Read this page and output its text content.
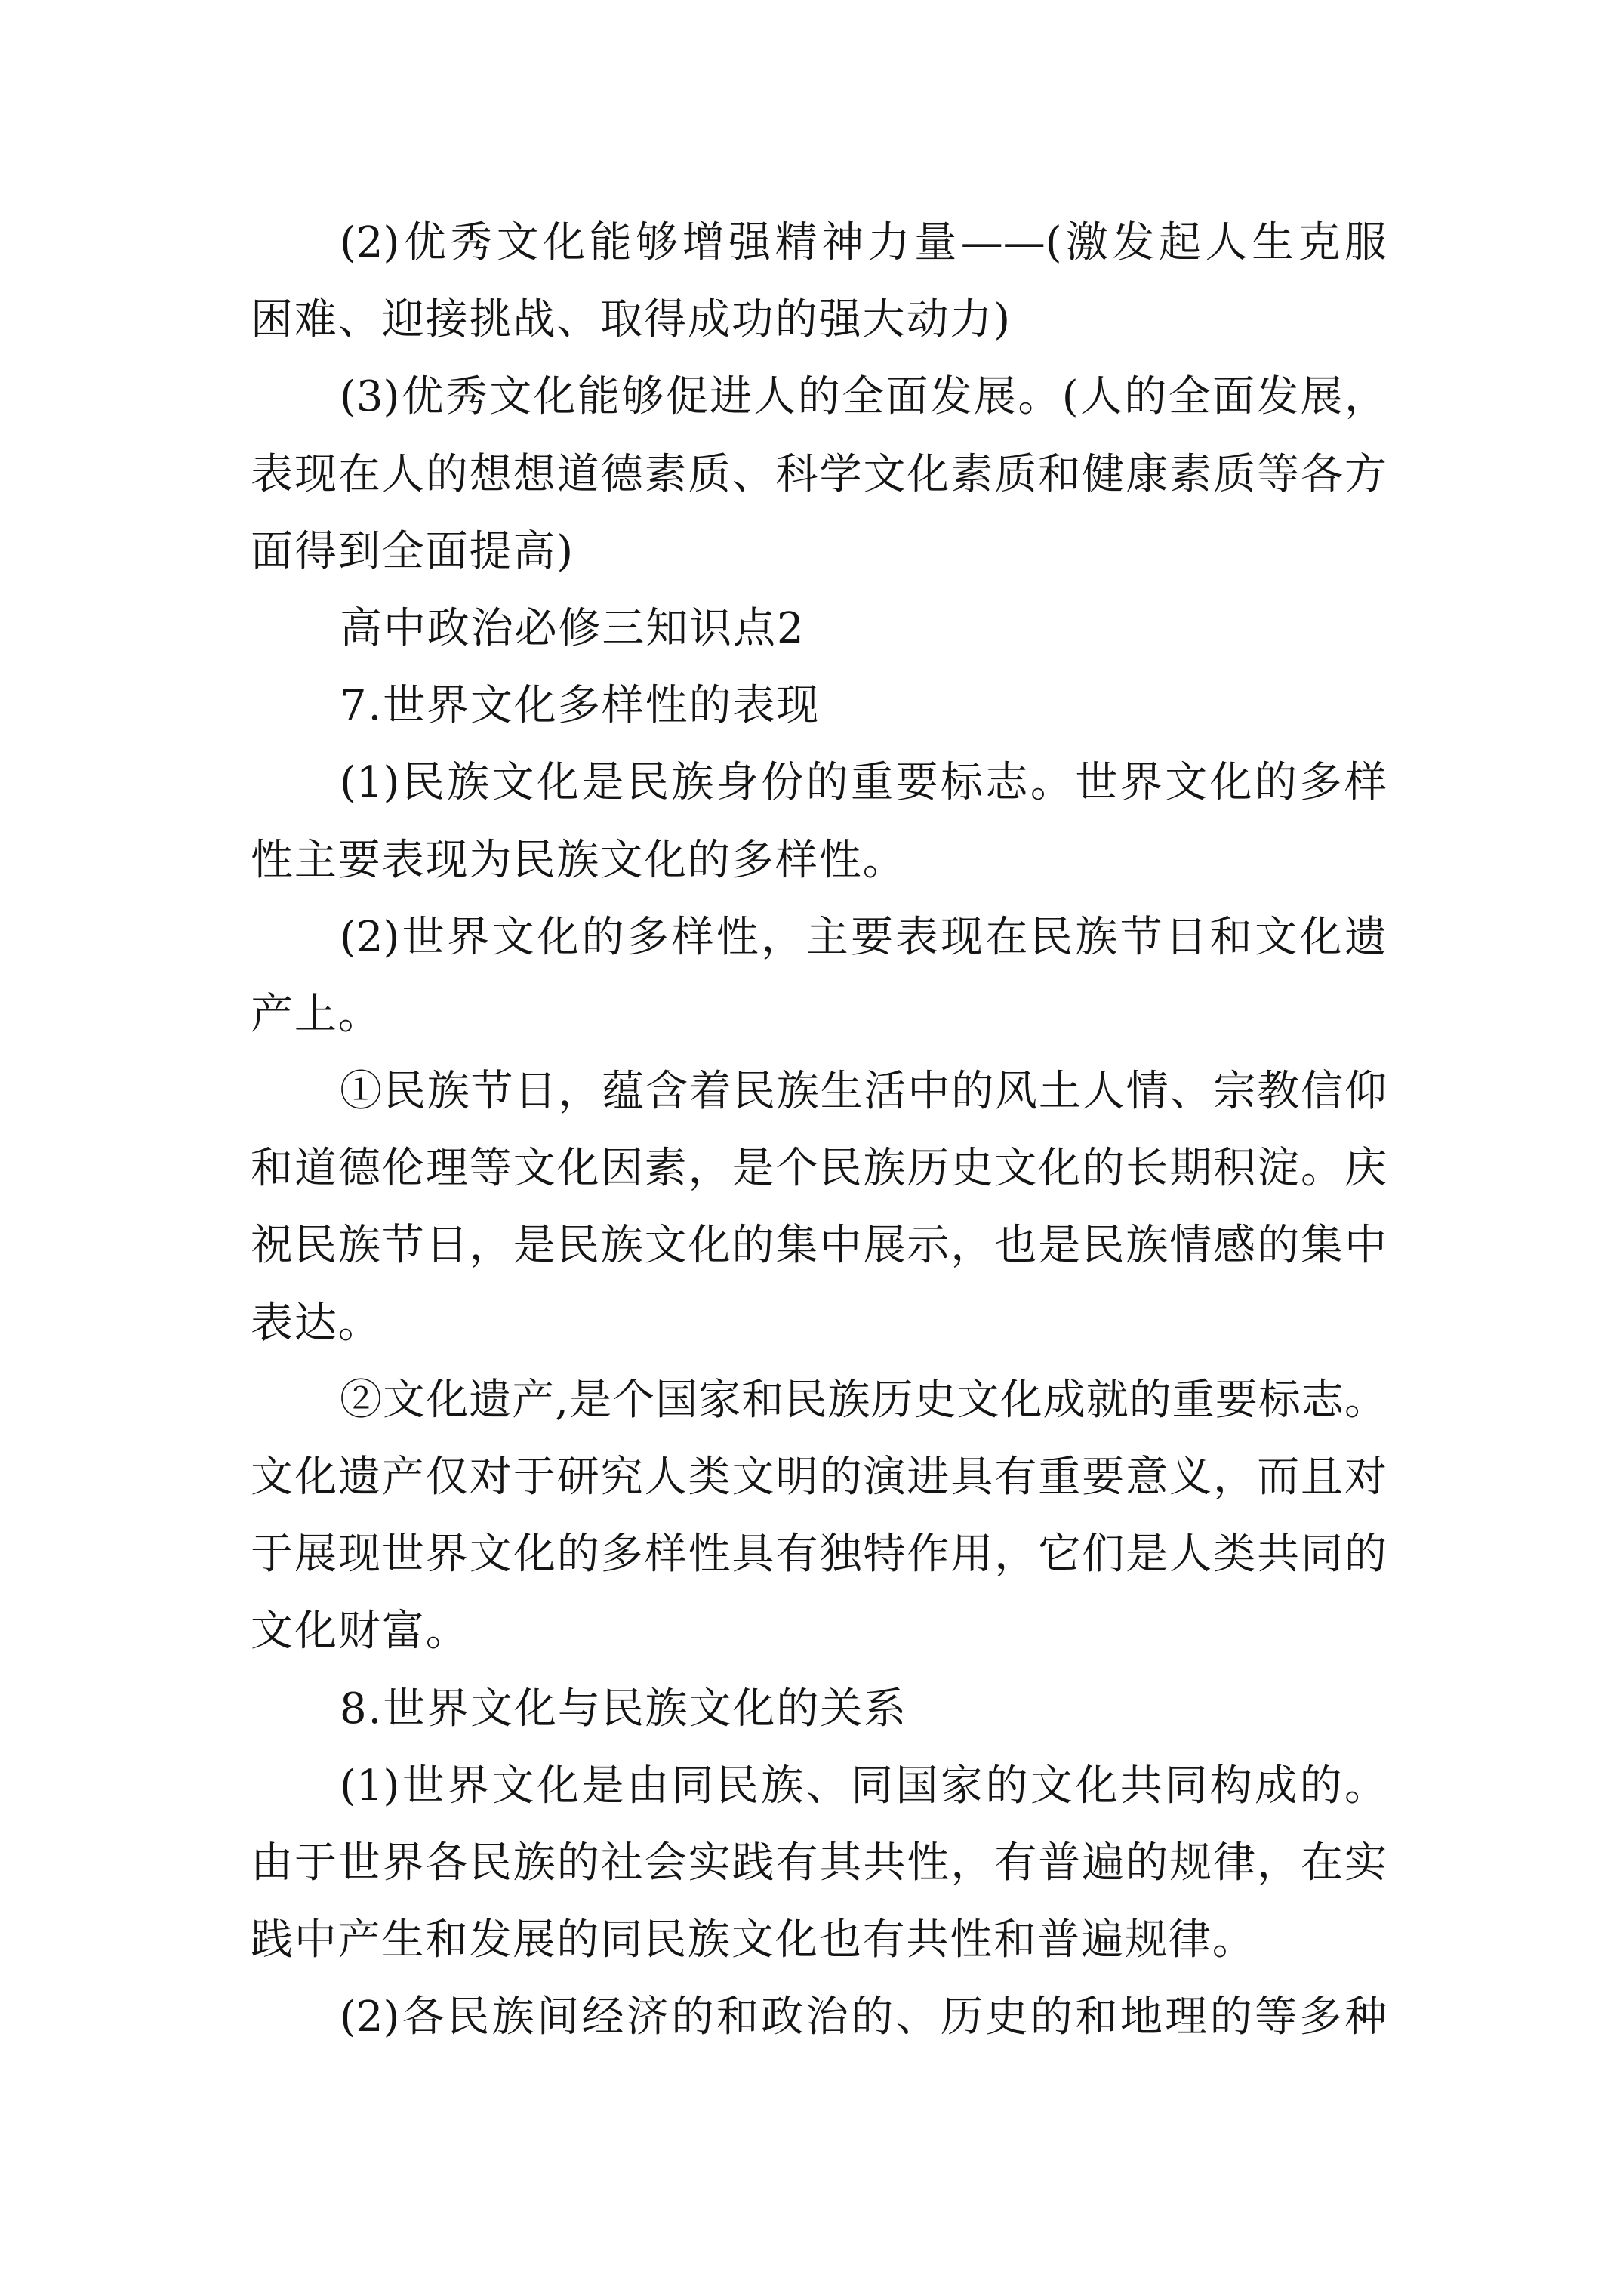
(2)优秀文化能够增强精神力量——(激发起人生克服
困难、迎接挑战、取得成功的强大动力)
(3)优秀文化能够促进人的全面发展。(人的全面发展，
表现在人的想想道德素质、科学文化素质和健康素质等各方
面得到全面提高)
高中政治必修三知识点2
7.世界文化多样性的表现
(1)民族文化是民族身份的重要标志。世界文化的多样
性主要表现为民族文化的多样性。
(2)世界文化的多样性，主要表现在民族节日和文化遗
产上。
①民族节日，蕴含着民族生活中的风土人情、宗教信仰
和道德伦理等文化因素，是个民族历史文化的长期积淀。庆
祝民族节日，是民族文化的集中展示，也是民族情感的集中
表达。
②文化遗产,是个国家和民族历史文化成就的重要标志。
文化遗产仅对于研究人类文明的演进具有重要意义，而且对
于展现世界文化的多样性具有独特作用，它们是人类共同的
文化财富。
8.世界文化与民族文化的关系
(1)世界文化是由同民族、同国家的文化共同构成的。
由于世界各民族的社会实践有其共性，有普遍的规律，在实
践中产生和发展的同民族文化也有共性和普遍规律。
(2)各民族间经济的和政治的、历史的和地理的等多种
